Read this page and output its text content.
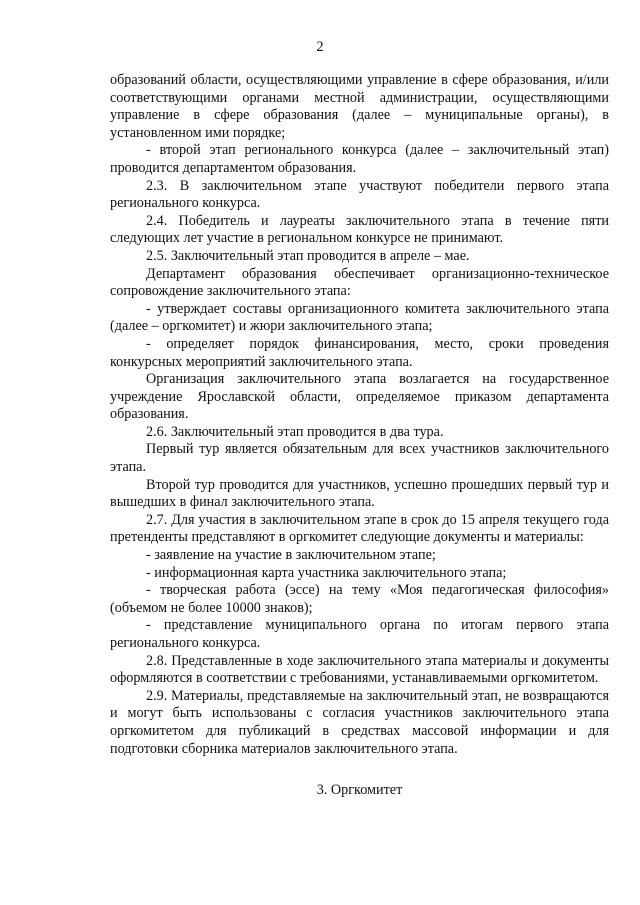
2

образований области, осуществляющими управление в сфере образования, и/или соответствующими органами местной администрации, осуществляющими управление в сфере образования (далее – муниципальные органы), в установленном ими порядке;

- второй этап регионального конкурса (далее – заключительный этап) проводится департаментом образования.

2.3. В заключительном этапе участвуют победители первого этапа регионального конкурса.

2.4. Победитель и лауреаты заключительного этапа в течение пяти следующих лет участие в региональном конкурсе не принимают.

2.5. Заключительный этап проводится в апреле – мае.

Департамент образования обеспечивает организационно-техническое сопровождение заключительного этапа:

- утверждает составы организационного комитета заключительного этапа (далее – оргкомитет) и жюри заключительного этапа;

- определяет порядок финансирования, место, сроки проведения конкурсных мероприятий заключительного этапа.

Организация заключительного этапа возлагается на государственное учреждение Ярославской области, определяемое приказом департамента образования.

2.6. Заключительный этап проводится в два тура.

Первый тур является обязательным для всех участников заключительного этапа.

Второй тур проводится для участников, успешно прошедших первый тур и вышедших в финал заключительного этапа.

2.7. Для участия в заключительном этапе в срок до 15 апреля текущего года претенденты представляют в оргкомитет следующие документы и материалы:

- заявление на участие в заключительном этапе;

- информационная карта участника заключительного этапа;

- творческая работа (эссе) на тему «Моя педагогическая философия» (объемом не более 10000 знаков);

- представление муниципального органа по итогам первого этапа регионального конкурса.

2.8. Представленные в ходе заключительного этапа материалы и документы оформляются в соответствии с требованиями, устанавливаемыми оргкомитетом.

2.9. Материалы, представляемые на заключительный этап, не возвращаются и могут быть использованы с согласия участников заключительного этапа оргкомитетом для публикаций в средствах массовой информации и для подготовки сборника материалов заключительного этапа.

3. Оргкомитет
